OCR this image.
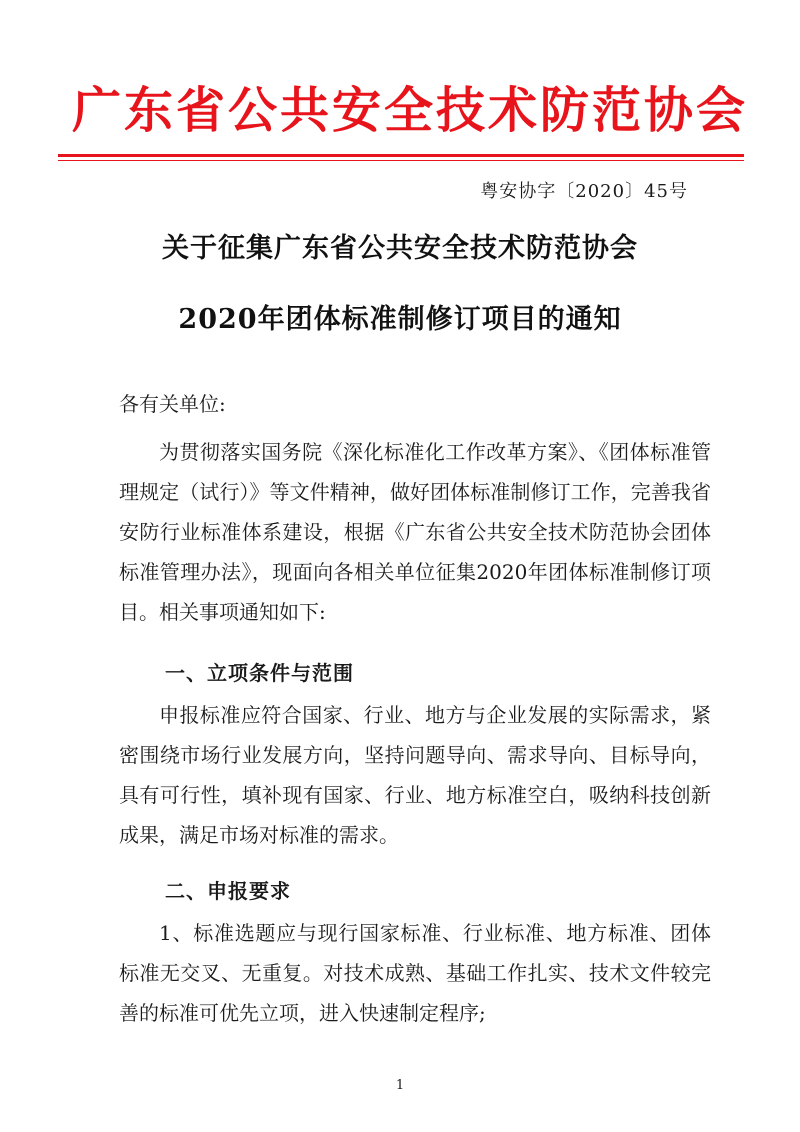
广东省公共安全技术防范协会
粤安协字〔2020〕45号
关于征集广东省公共安全技术防范协会
2020年团体标准制修订项目的通知
各有关单位:
为贯彻落实国务院《深化标准化工作改革方案》、《团体标准管理规定（试行）》等文件精神，做好团体标准制修订工作，完善我省安防行业标准体系建设，根据《广东省公共安全技术防范协会团体标准管理办法》，现面向各相关单位征集2020年团体标准制修订项目。相关事项通知如下:
一、立项条件与范围
申报标准应符合国家、行业、地方与企业发展的实际需求，紧密围绕市场行业发展方向，坚持问题导向、需求导向、目标导向，具有可行性，填补现有国家、行业、地方标准空白，吸纳科技创新成果，满足市场对标准的需求。
二、申报要求
1、标准选题应与现行国家标准、行业标准、地方标准、团体标准无交叉、无重复。对技术成熟、基础工作扎实、技术文件较完善的标准可优先立项，进入快速制定程序;
1
